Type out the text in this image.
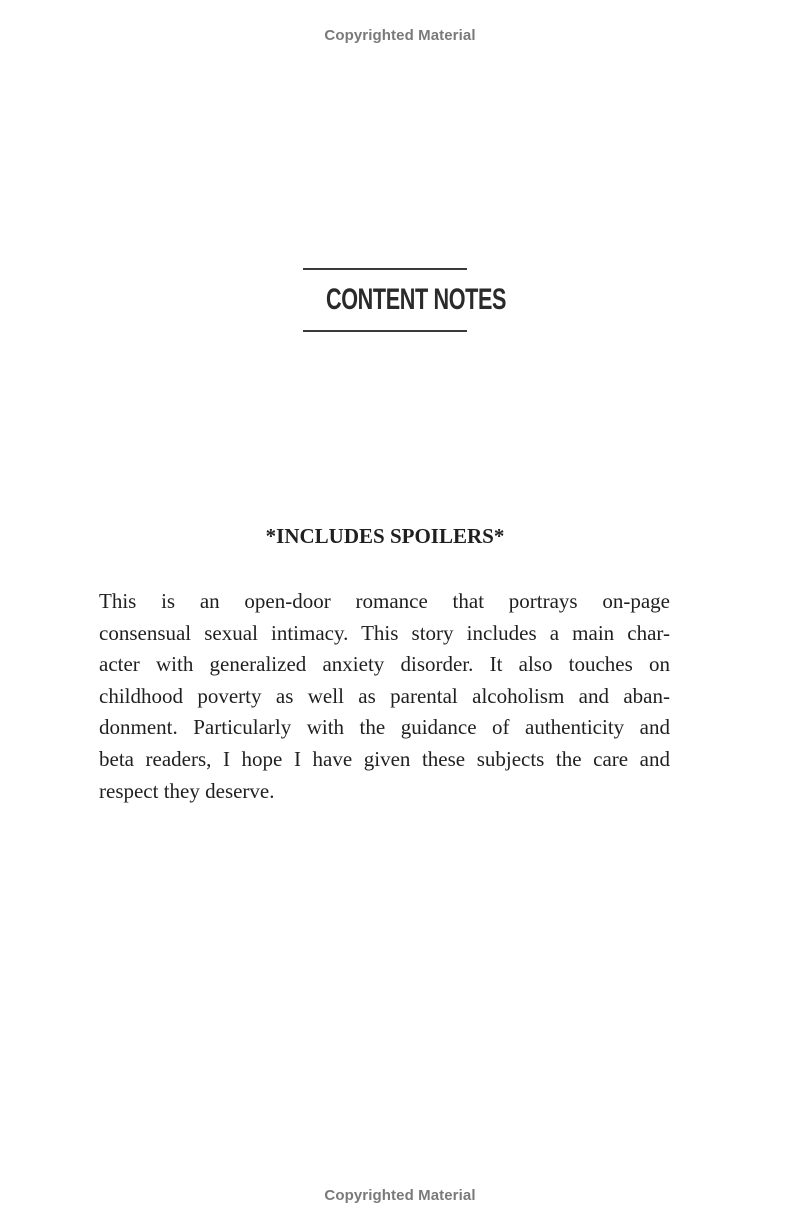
Copyrighted Material
CONTENT NOTES
*INCLUDES SPOILERS*
This is an open-door romance that portrays on-page
consensual sexual intimacy. This story includes a main char-
acter with generalized anxiety disorder. It also touches on
childhood poverty as well as parental alcoholism and aban-
donment. Particularly with the guidance of authenticity and
beta readers, I hope I have given these subjects the care and
respect they deserve.
Copyrighted Material
